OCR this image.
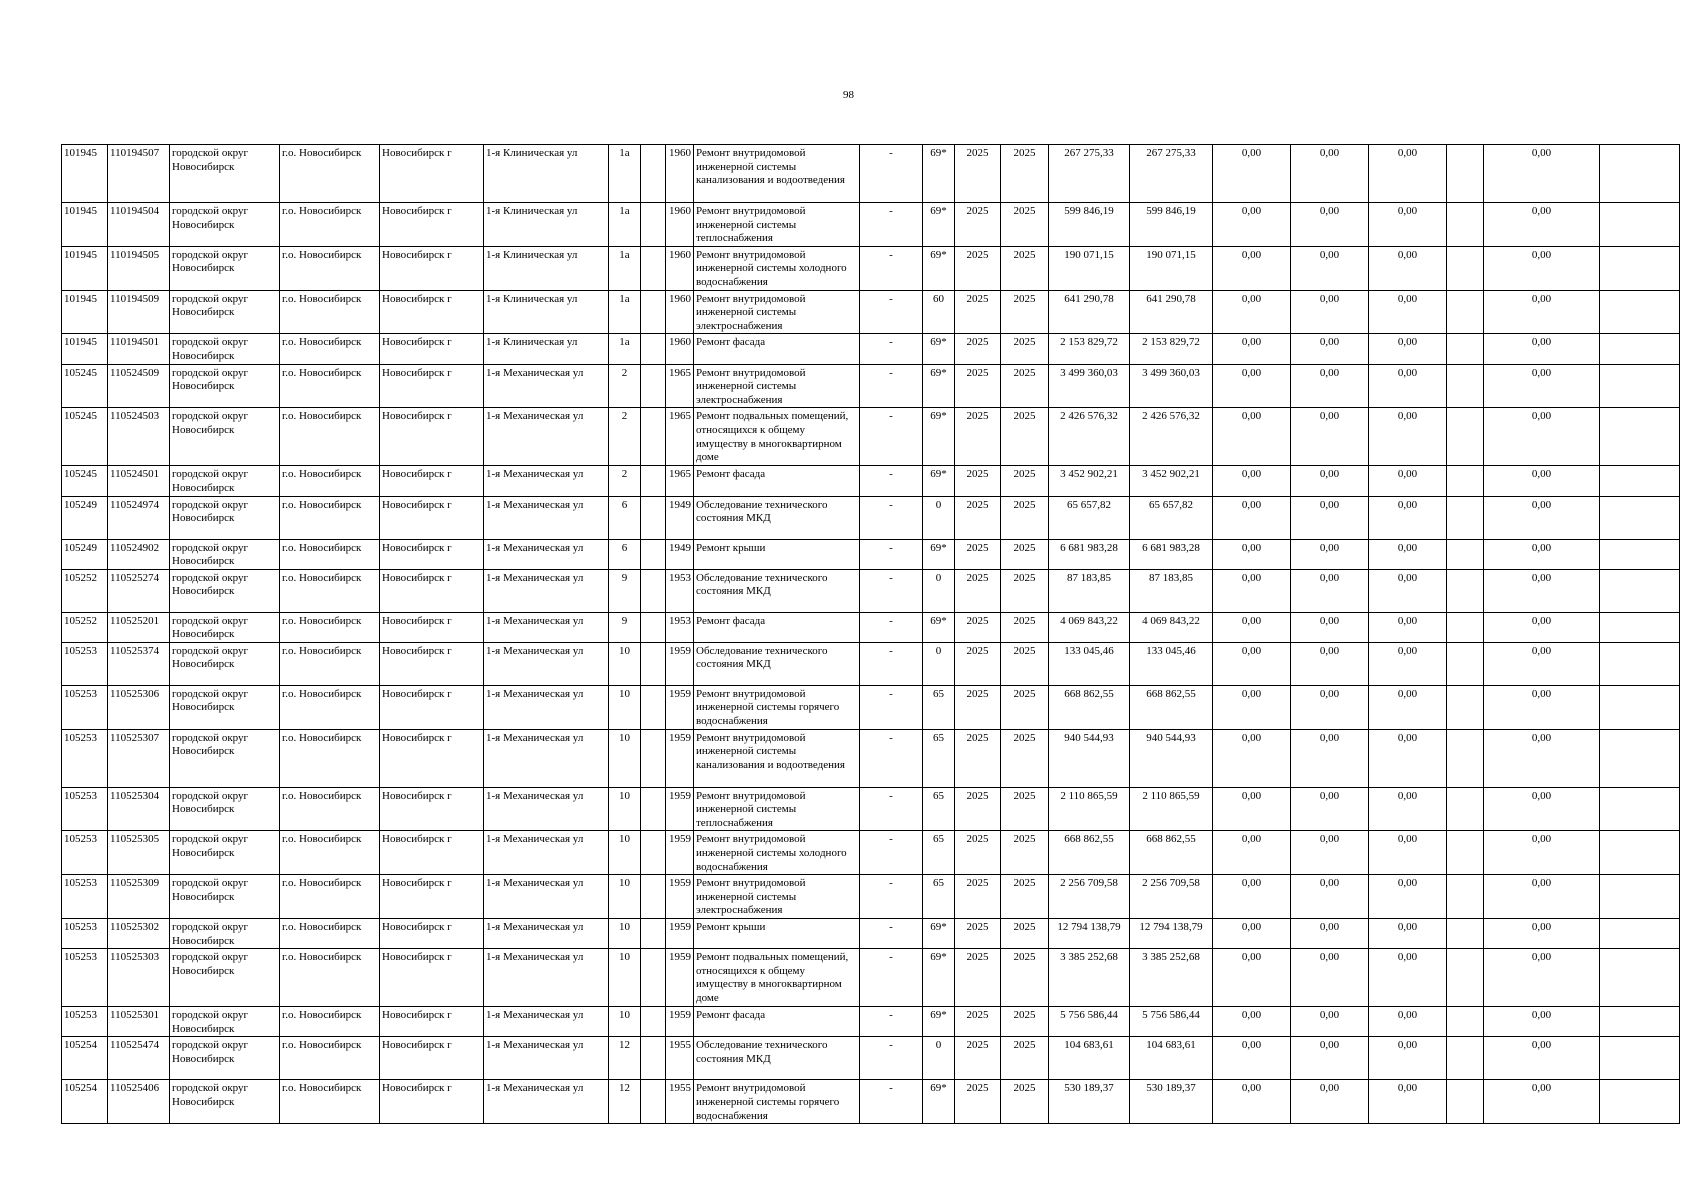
98
101945	110194507	городской округ Новосибирск	г.о. Новосибирск	Новосибирск г	1-я Клиническая ул	1а		1960	Ремонт внутридомовой инженерной системы канализования и водоотведения	-	69*	2025	2025	267 275,33	267 275,33	0,00	0,00	0,00		0,00	
101945	110194504	городской округ Новосибирск	г.о. Новосибирск	Новосибирск г	1-я Клиническая ул	1а		1960	Ремонт внутридомовой инженерной системы теплоснабжения	-	69*	2025	2025	599 846,19	599 846,19	0,00	0,00	0,00		0,00	
101945	110194505	городской округ Новосибирск	г.о. Новосибирск	Новосибирск г	1-я Клиническая ул	1а		1960	Ремонт внутридомовой инженерной системы холодного водоснабжения	-	69*	2025	2025	190 071,15	190 071,15	0,00	0,00	0,00		0,00	
101945	110194509	городской округ Новосибирск	г.о. Новосибирск	Новосибирск г	1-я Клиническая ул	1а		1960	Ремонт внутридомовой инженерной системы электроснабжения	-	60	2025	2025	641 290,78	641 290,78	0,00	0,00	0,00		0,00	
101945	110194501	городской округ Новосибирск	г.о. Новосибирск	Новосибирск г	1-я Клиническая ул	1а		1960	Ремонт фасада	-	69*	2025	2025	2 153 829,72	2 153 829,72	0,00	0,00	0,00		0,00	
105245	110524509	городской округ Новосибирск	г.о. Новосибирск	Новосибирск г	1-я Механическая ул	2		1965	Ремонт внутридомовой инженерной системы электроснабжения	-	69*	2025	2025	3 499 360,03	3 499 360,03	0,00	0,00	0,00		0,00	
105245	110524503	городской округ Новосибирск	г.о. Новосибирск	Новосибирск г	1-я Механическая ул	2		1965	Ремонт подвальных помещений, относящихся к общему имуществу в многоквартирном доме	-	69*	2025	2025	2 426 576,32	2 426 576,32	0,00	0,00	0,00		0,00	
105245	110524501	городской округ Новосибирск	г.о. Новосибирск	Новосибирск г	1-я Механическая ул	2		1965	Ремонт фасада	-	69*	2025	2025	3 452 902,21	3 452 902,21	0,00	0,00	0,00		0,00	
105249	110524974	городской округ Новосибирск	г.о. Новосибирск	Новосибирск г	1-я Механическая ул	6		1949	Обследование технического состояния МКД	-	0	2025	2025	65 657,82	65 657,82	0,00	0,00	0,00		0,00	
105249	110524902	городской округ Новосибирск	г.о. Новосибирск	Новосибирск г	1-я Механическая ул	6		1949	Ремонт крыши	-	69*	2025	2025	6 681 983,28	6 681 983,28	0,00	0,00	0,00		0,00	
105252	110525274	городской округ Новосибирск	г.о. Новосибирск	Новосибирск г	1-я Механическая ул	9		1953	Обследование технического состояния МКД	-	0	2025	2025	87 183,85	87 183,85	0,00	0,00	0,00		0,00	
105252	110525201	городской округ Новосибирск	г.о. Новосибирск	Новосибирск г	1-я Механическая ул	9		1953	Ремонт фасада	-	69*	2025	2025	4 069 843,22	4 069 843,22	0,00	0,00	0,00		0,00	
105253	110525374	городской округ Новосибирск	г.о. Новосибирск	Новосибирск г	1-я Механическая ул	10		1959	Обследование технического состояния МКД	-	0	2025	2025	133 045,46	133 045,46	0,00	0,00	0,00		0,00	
105253	110525306	городской округ Новосибирск	г.о. Новосибирск	Новосибирск г	1-я Механическая ул	10		1959	Ремонт внутридомовой инженерной системы горячего водоснабжения	-	65	2025	2025	668 862,55	668 862,55	0,00	0,00	0,00		0,00	
105253	110525307	городской округ Новосибирск	г.о. Новосибирск	Новосибирск г	1-я Механическая ул	10		1959	Ремонт внутридомовой инженерной системы канализования и водоотведения	-	65	2025	2025	940 544,93	940 544,93	0,00	0,00	0,00		0,00	
105253	110525304	городской округ Новосибирск	г.о. Новосибирск	Новосибирск г	1-я Механическая ул	10		1959	Ремонт внутридомовой инженерной системы теплоснабжения	-	65	2025	2025	2 110 865,59	2 110 865,59	0,00	0,00	0,00		0,00	
105253	110525305	городской округ Новосибирск	г.о. Новосибирск	Новосибирск г	1-я Механическая ул	10		1959	Ремонт внутридомовой инженерной системы холодного водоснабжения	-	65	2025	2025	668 862,55	668 862,55	0,00	0,00	0,00		0,00	
105253	110525309	городской округ Новосибирск	г.о. Новосибирск	Новосибирск г	1-я Механическая ул	10		1959	Ремонт внутридомовой инженерной системы электроснабжения	-	65	2025	2025	2 256 709,58	2 256 709,58	0,00	0,00	0,00		0,00	
105253	110525302	городской округ Новосибирск	г.о. Новосибирск	Новосибирск г	1-я Механическая ул	10		1959	Ремонт крыши	-	69*	2025	2025	12 794 138,79	12 794 138,79	0,00	0,00	0,00		0,00	
105253	110525303	городской округ Новосибирск	г.о. Новосибирск	Новосибирск г	1-я Механическая ул	10		1959	Ремонт подвальных помещений, относящихся к общему имуществу в многоквартирном доме	-	69*	2025	2025	3 385 252,68	3 385 252,68	0,00	0,00	0,00		0,00	
105253	110525301	городской округ Новосибирск	г.о. Новосибирск	Новосибирск г	1-я Механическая ул	10		1959	Ремонт фасада	-	69*	2025	2025	5 756 586,44	5 756 586,44	0,00	0,00	0,00		0,00	
105254	110525474	городской округ Новосибирск	г.о. Новосибирск	Новосибирск г	1-я Механическая ул	12		1955	Обследование технического состояния МКД	-	0	2025	2025	104 683,61	104 683,61	0,00	0,00	0,00		0,00	
105254	110525406	городской округ Новосибирск	г.о. Новосибирск	Новосибирск г	1-я Механическая ул	12		1955	Ремонт внутридомовой инженерной системы горячего водоснабжения	-	69*	2025	2025	530 189,37	530 189,37	0,00	0,00	0,00		0,00	
